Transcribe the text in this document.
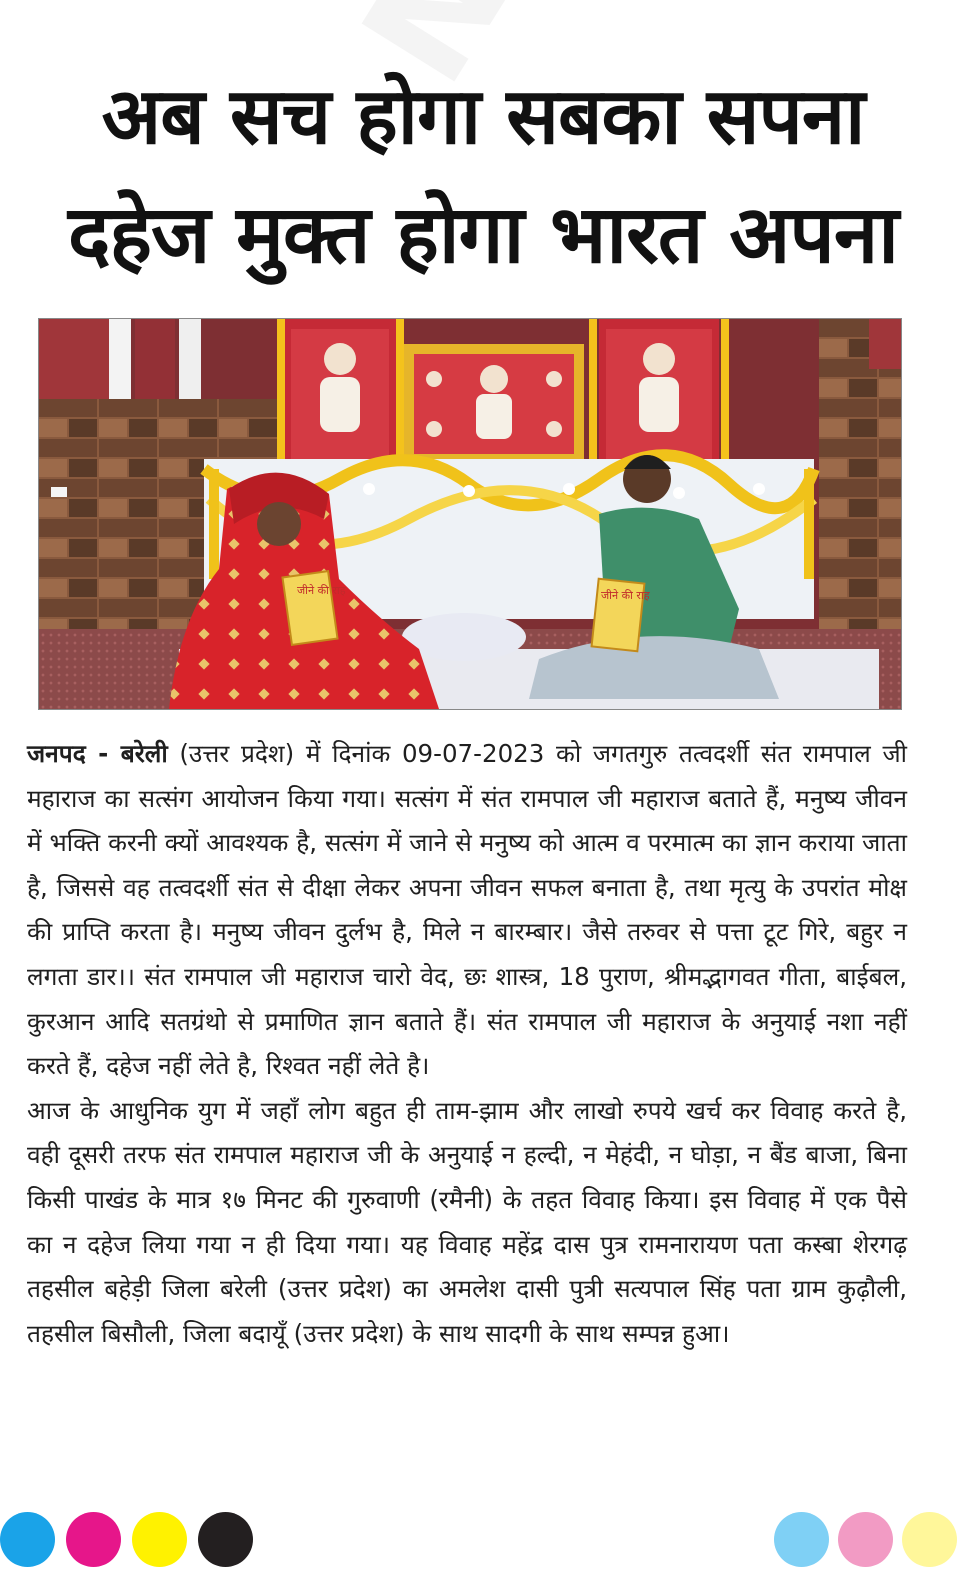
अब सच होगा सबका सपना
दहेज मुक्त होगा भारत अपना
जीने की राह	जीने की राह

जनपद - बरेली (उत्तर प्रदेश) में दिनांक 09-07-2023 को जगतगुरु तत्वदर्शी संत रामपाल जी महाराज का सत्संग आयोजन किया गया। सत्संग में संत रामपाल जी महाराज बताते हैं, मनुष्य जीवन में भक्ति करनी क्यों आवश्यक है, सत्संग में जाने से मनुष्य को आत्म व परमात्म का ज्ञान कराया जाता है, जिससे वह तत्वदर्शी संत से दीक्षा लेकर अपना जीवन सफल बनाता है, तथा मृत्यु के उपरांत मोक्ष की प्राप्ति करता है। मनुष्य जीवन दुर्लभ है, मिले न बारम्बार। जैसे तरुवर से पत्ता टूट गिरे, बहुर न लगता डार।। संत रामपाल जी महाराज चारो वेद, छः शास्त्र, 18 पुराण, श्रीमद्भागवत गीता, बाईबल, कुरआन आदि सतग्रंथो से प्रमाणित ज्ञान बताते हैं। संत रामपाल जी महाराज के अनुयाई नशा नहीं करते हैं, दहेज नहीं लेते है, रिश्वत नहीं लेते है।

आज के आधुनिक युग में जहाँ लोग बहुत ही ताम-झाम और लाखो रुपये खर्च कर विवाह करते है, वही दूसरी तरफ संत रामपाल महाराज जी के अनुयाई न हल्दी, न मेहंदी, न घोड़ा, न बैंड बाजा, बिना किसी पाखंड के मात्र १७ मिनट की गुरुवाणी (रमैनी) के तहत विवाह किया। इस विवाह में एक पैसे का न दहेज लिया गया न ही दिया गया। यह विवाह महेंद्र दास पुत्र रामनारायण पता कस्बा शेरगढ़ तहसील बहेड़ी जिला बरेली (उत्तर प्रदेश) का अमलेश दासी पुत्री सत्यपाल सिंह पता ग्राम कुढ़ौली, तहसील बिसौली, जिला बदायूँ (उत्तर प्रदेश) के साथ सादगी के साथ सम्पन्न हुआ।
